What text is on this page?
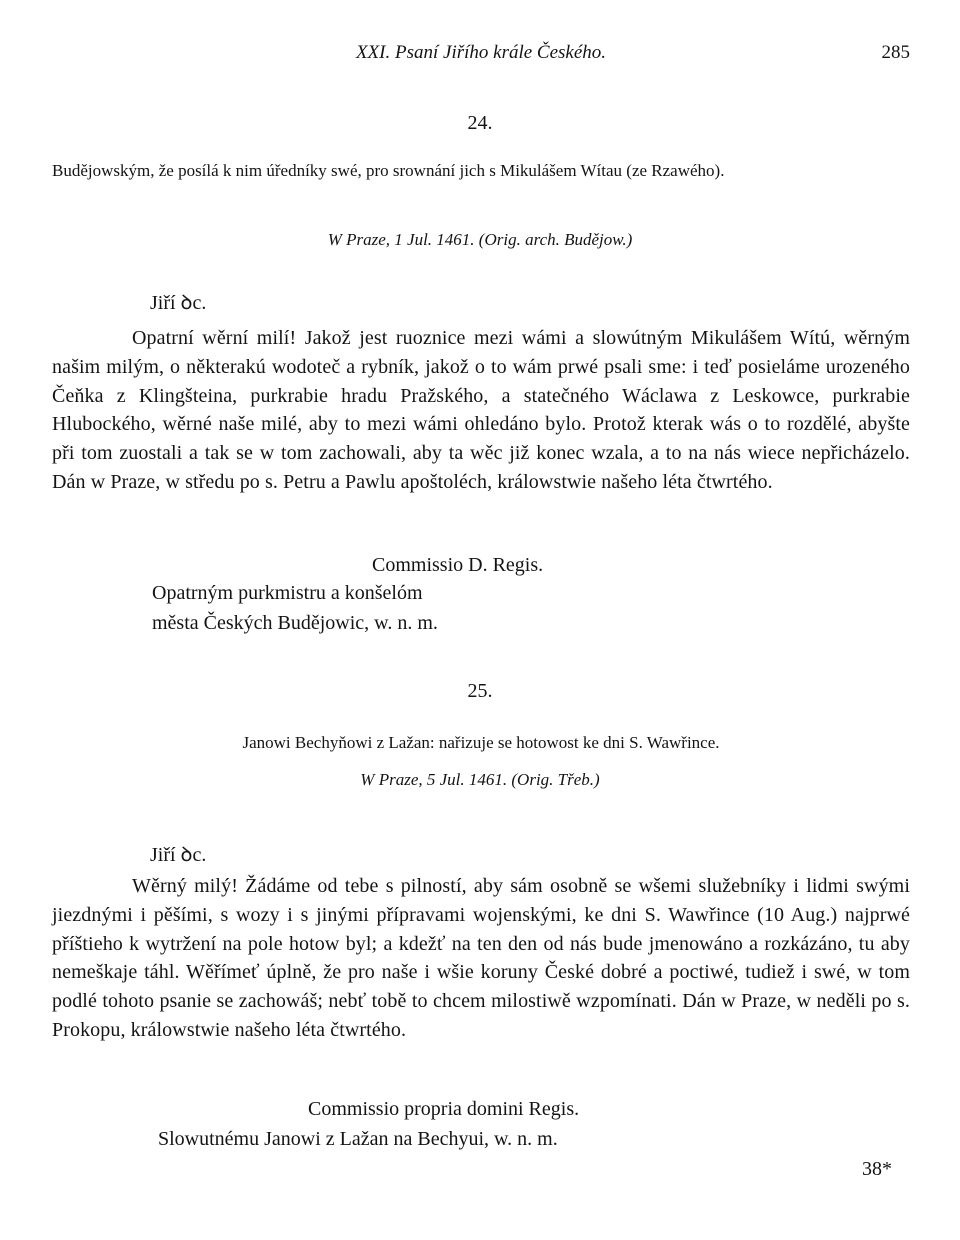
XXI. Psaní Jiřího krále Českého.	285
24.
Budějowským, že posílá k nim úředníky swé, pro srownání jich s Mikulášem Wítau (ze Rzawého).
W Praze, 1 Jul. 1461. (Orig. arch. Budějow.)
Jiří ꝺc.
Opatrní wěrní milí! Jakož jest ruoznice mezi wámi a slowútným Mikulášem Wítú, wěrným našim milým, o některakú wodoteč a rybník, jakož o to wám prwé psali sme: i teď posieláme urozeného Čeňka z Klingšteina, purkrabie hradu Pražského, a statečného Wáclawa z Leskowce, purkrabie Hlubockého, wěrné naše milé, aby to mezi wámi ohledáno bylo. Protož kterak wás o to rozdělé, abyšte při tom zuostali a tak se w tom zachowali, aby ta wěc již konec wzala, a to na nás wiece nepřicházelo. Dán w Praze, w středu po s. Petru a Pawlu apoštoléch, králowstwie našeho léta čtwrtého.
Commissio D. Regis.
Opatrným purkmistru a konšelóm
města Českých Budějowic, w. n. m.
25.
Janowi Bechyňowi z Lažan: nařizuje se hotowost ke dni S. Wawřince.
W Praze, 5 Jul. 1461. (Orig. Třeb.)
Jiří ꝺc.
Wěrný milý! Žádáme od tebe s pilností, aby sám osobně se wšemi služebníky i lidmi swými jiezdnými i pěšími, s wozy i s jinými přípravami wojenskými, ke dni S. Wawřince (10 Aug.) najprwé příštieho k wytržení na pole hotow byl; a kdežť na ten den od nás bude jmenowáno a rozkázáno, tu aby nemeškaje táhl. Wěřímeť úplně, že pro naše i wšie koruny České dobré a poctiwé, tudiež i swé, w tom podlé tohoto psanie se zachowáš; nebť tobě to chcem milostiwě wzpomínati. Dán w Praze, w neděli po s. Prokopu, králowstwie našeho léta čtwrtého.
Commissio propria domini Regis.
Slowutnému Janowi z Lažan na Bechyui, w. n. m.
38*
